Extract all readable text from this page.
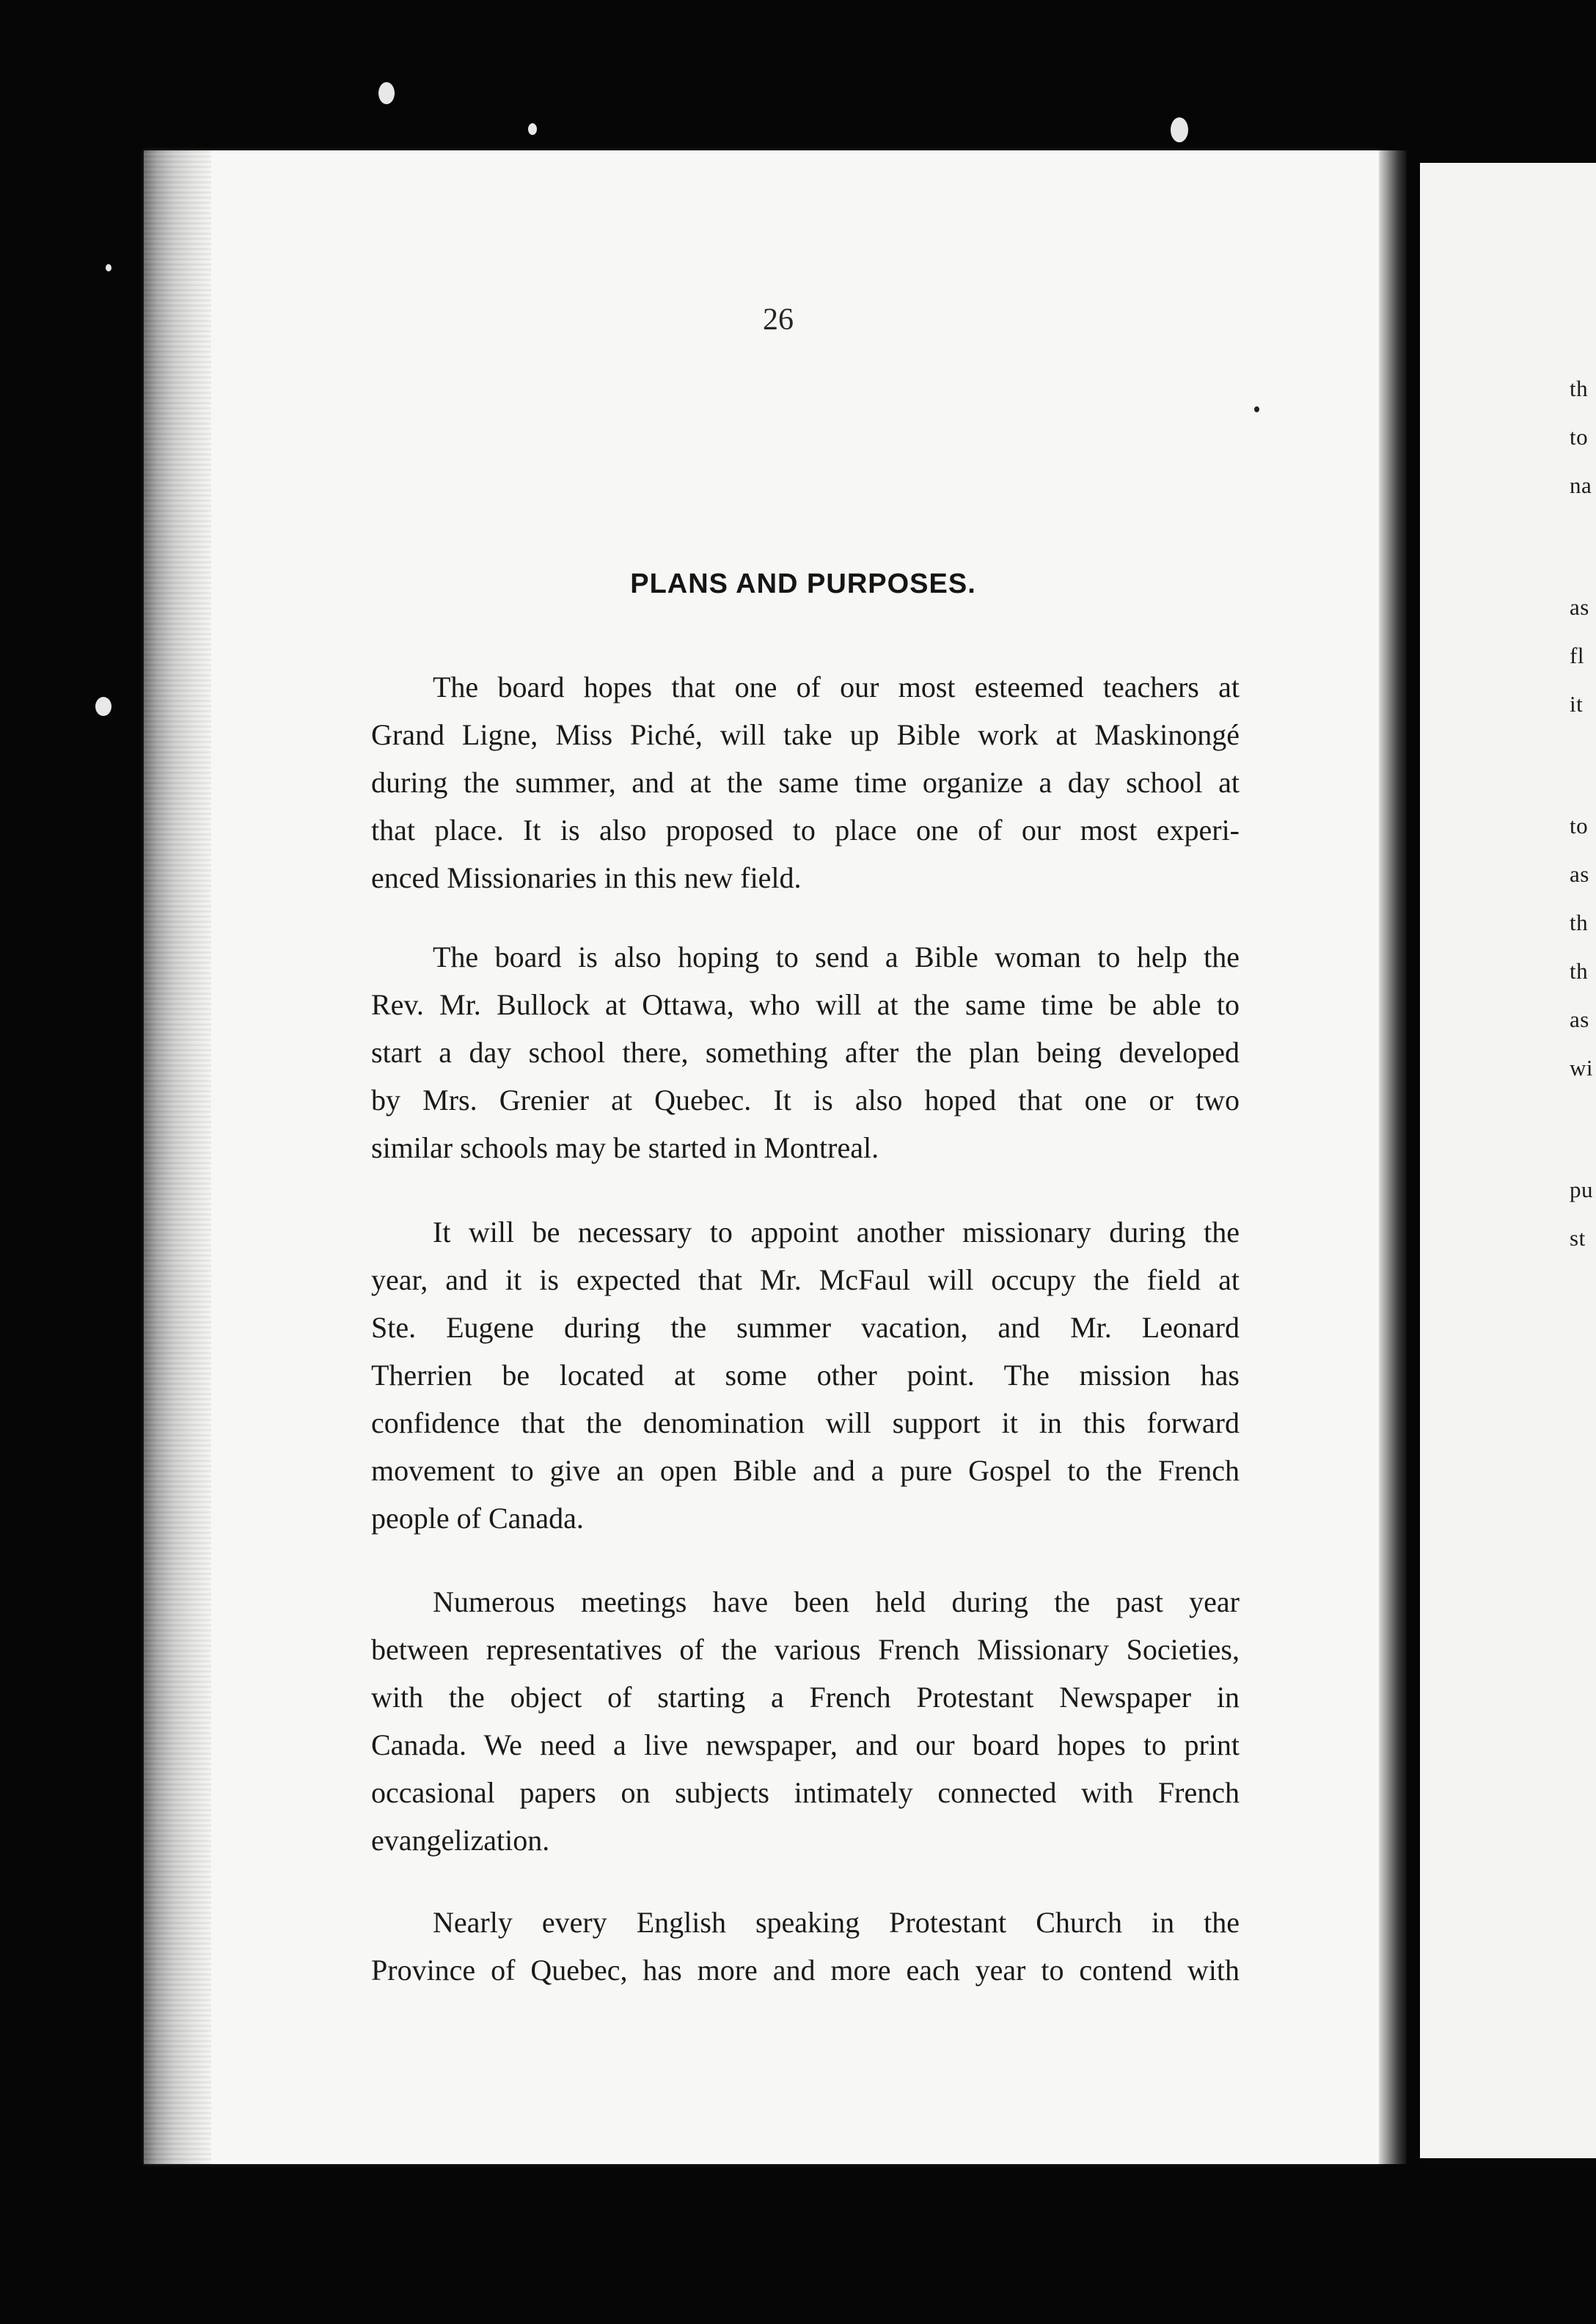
th
to
na
as
fl
it
to
as
th
th
as
wi
pu
st
26
PLANS AND PURPOSES.
The board hopes that one of our most esteemed teachers at
Grand Ligne, Miss Piché, will take up Bible work at Maskinongé
during the summer, and at the same time organize a day school at
that place. It is also proposed to place one of our most experi-
enced Missionaries in this new field.
The board is also hoping to send a Bible woman to help the
Rev. Mr. Bullock at Ottawa, who will at the same time be able to
start a day school there, something after the plan being developed
by Mrs. Grenier at Quebec. It is also hoped that one or two
similar schools may be started in Montreal.
It will be necessary to appoint another missionary during the
year, and it is expected that Mr. McFaul will occupy the field at
Ste. Eugene during the summer vacation, and Mr. Leonard
Therrien be located at some other point. The mission has
confidence that the denomination will support it in this forward
movement to give an open Bible and a pure Gospel to the French
people of Canada.
Numerous meetings have been held during the past year
between representatives of the various French Missionary Societies,
with the object of starting a French Protestant Newspaper in
Canada. We need a live newspaper, and our board hopes to print
occasional papers on subjects intimately connected with French
evangelization.
Nearly every English speaking Protestant Church in the
Province of Quebec, has more and more each year to contend with
